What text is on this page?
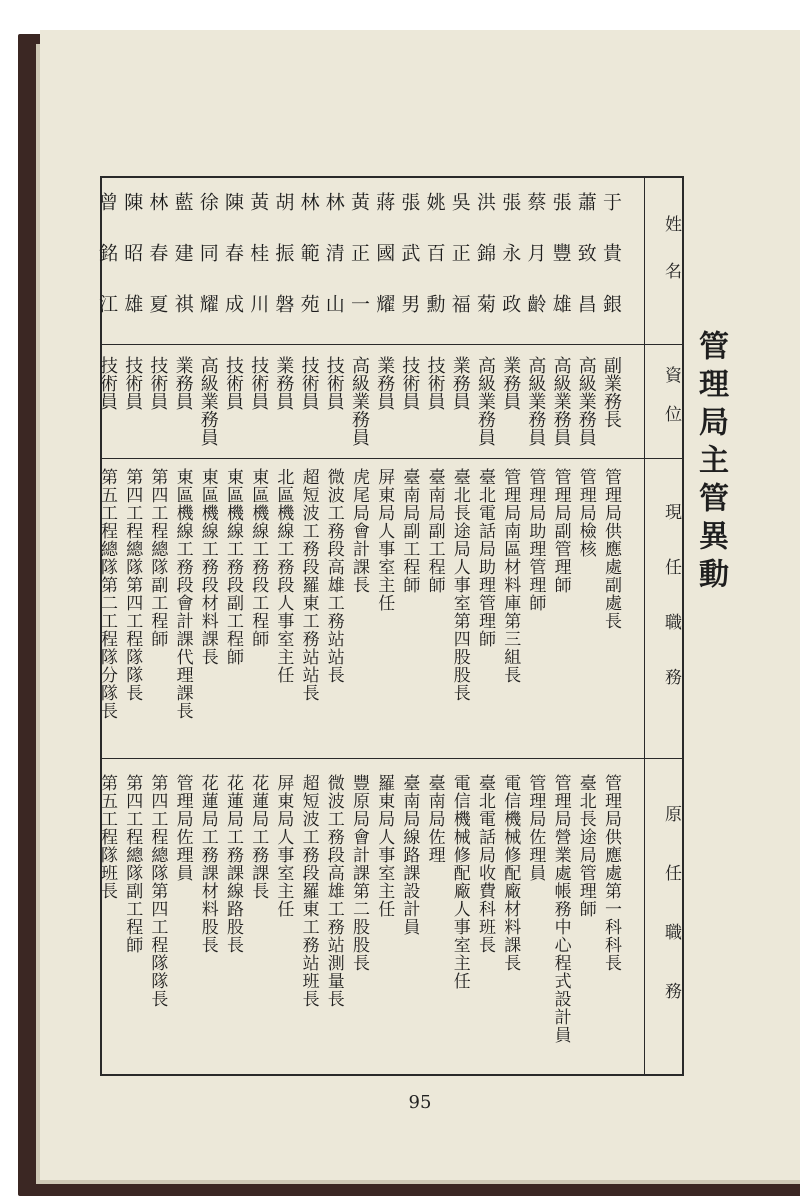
管理局主管異動
姓名
資位
現任職務
原任職務
于貴銀
副業務長
管理局供應處副處長
管理局供應處第一科科長
蕭致昌
高級業務員
管理局檢核
臺北長途局管理師
張豐雄
高級業務員
管理局副管理師
管理局營業處帳務中心程式設計員
蔡月齡
高級業務員
管理局助理管理師
管理局佐理員
張永政
業務員
管理局南區材料庫第三組長
電信機械修配廠材料課長
洪錦菊
高級業務員
臺北電話局助理管理師
臺北電話局收費科班長
吳正福
業務員
臺北長途局人事室第四股股長
電信機械修配廠人事室主任
姚百勳
技術員
臺南局副工程師
臺南局佐理
張武男
技術員
臺南局副工程師
臺南局線路課設計員
蔣國耀
業務員
屏東局人事室主任
羅東局人事室主任
黃正一
高級業務員
虎尾局會計課長
豐原局會計課第二股股長
林清山
技術員
微波工務段高雄工務站站長
微波工務段高雄工務站測量長
林範苑
技術員
超短波工務段羅東工務站站長
超短波工務段羅東工務站班長
胡振磐
業務員
北區機線工務段人事室主任
屏東局人事室主任
黃桂川
技術員
東區機線工務段工程師
花蓮局工務課長
陳春成
技術員
東區機線工務段副工程師
花蓮局工務課線路股長
徐同耀
高級業務員
東區機線工務段材料課長
花蓮局工務課材料股長
藍建祺
業務員
東區機線工務段會計課代理課長
管理局佐理員
林春夏
技術員
第四工程總隊副工程師
第四工程總隊第四工程隊隊長
陳昭雄
技術員
第四工程總隊第四工程隊隊長
第四工程總隊副工程師
曾銘江
技術員
第五工程總隊第二工程隊分隊長
第五工程隊班長
95
